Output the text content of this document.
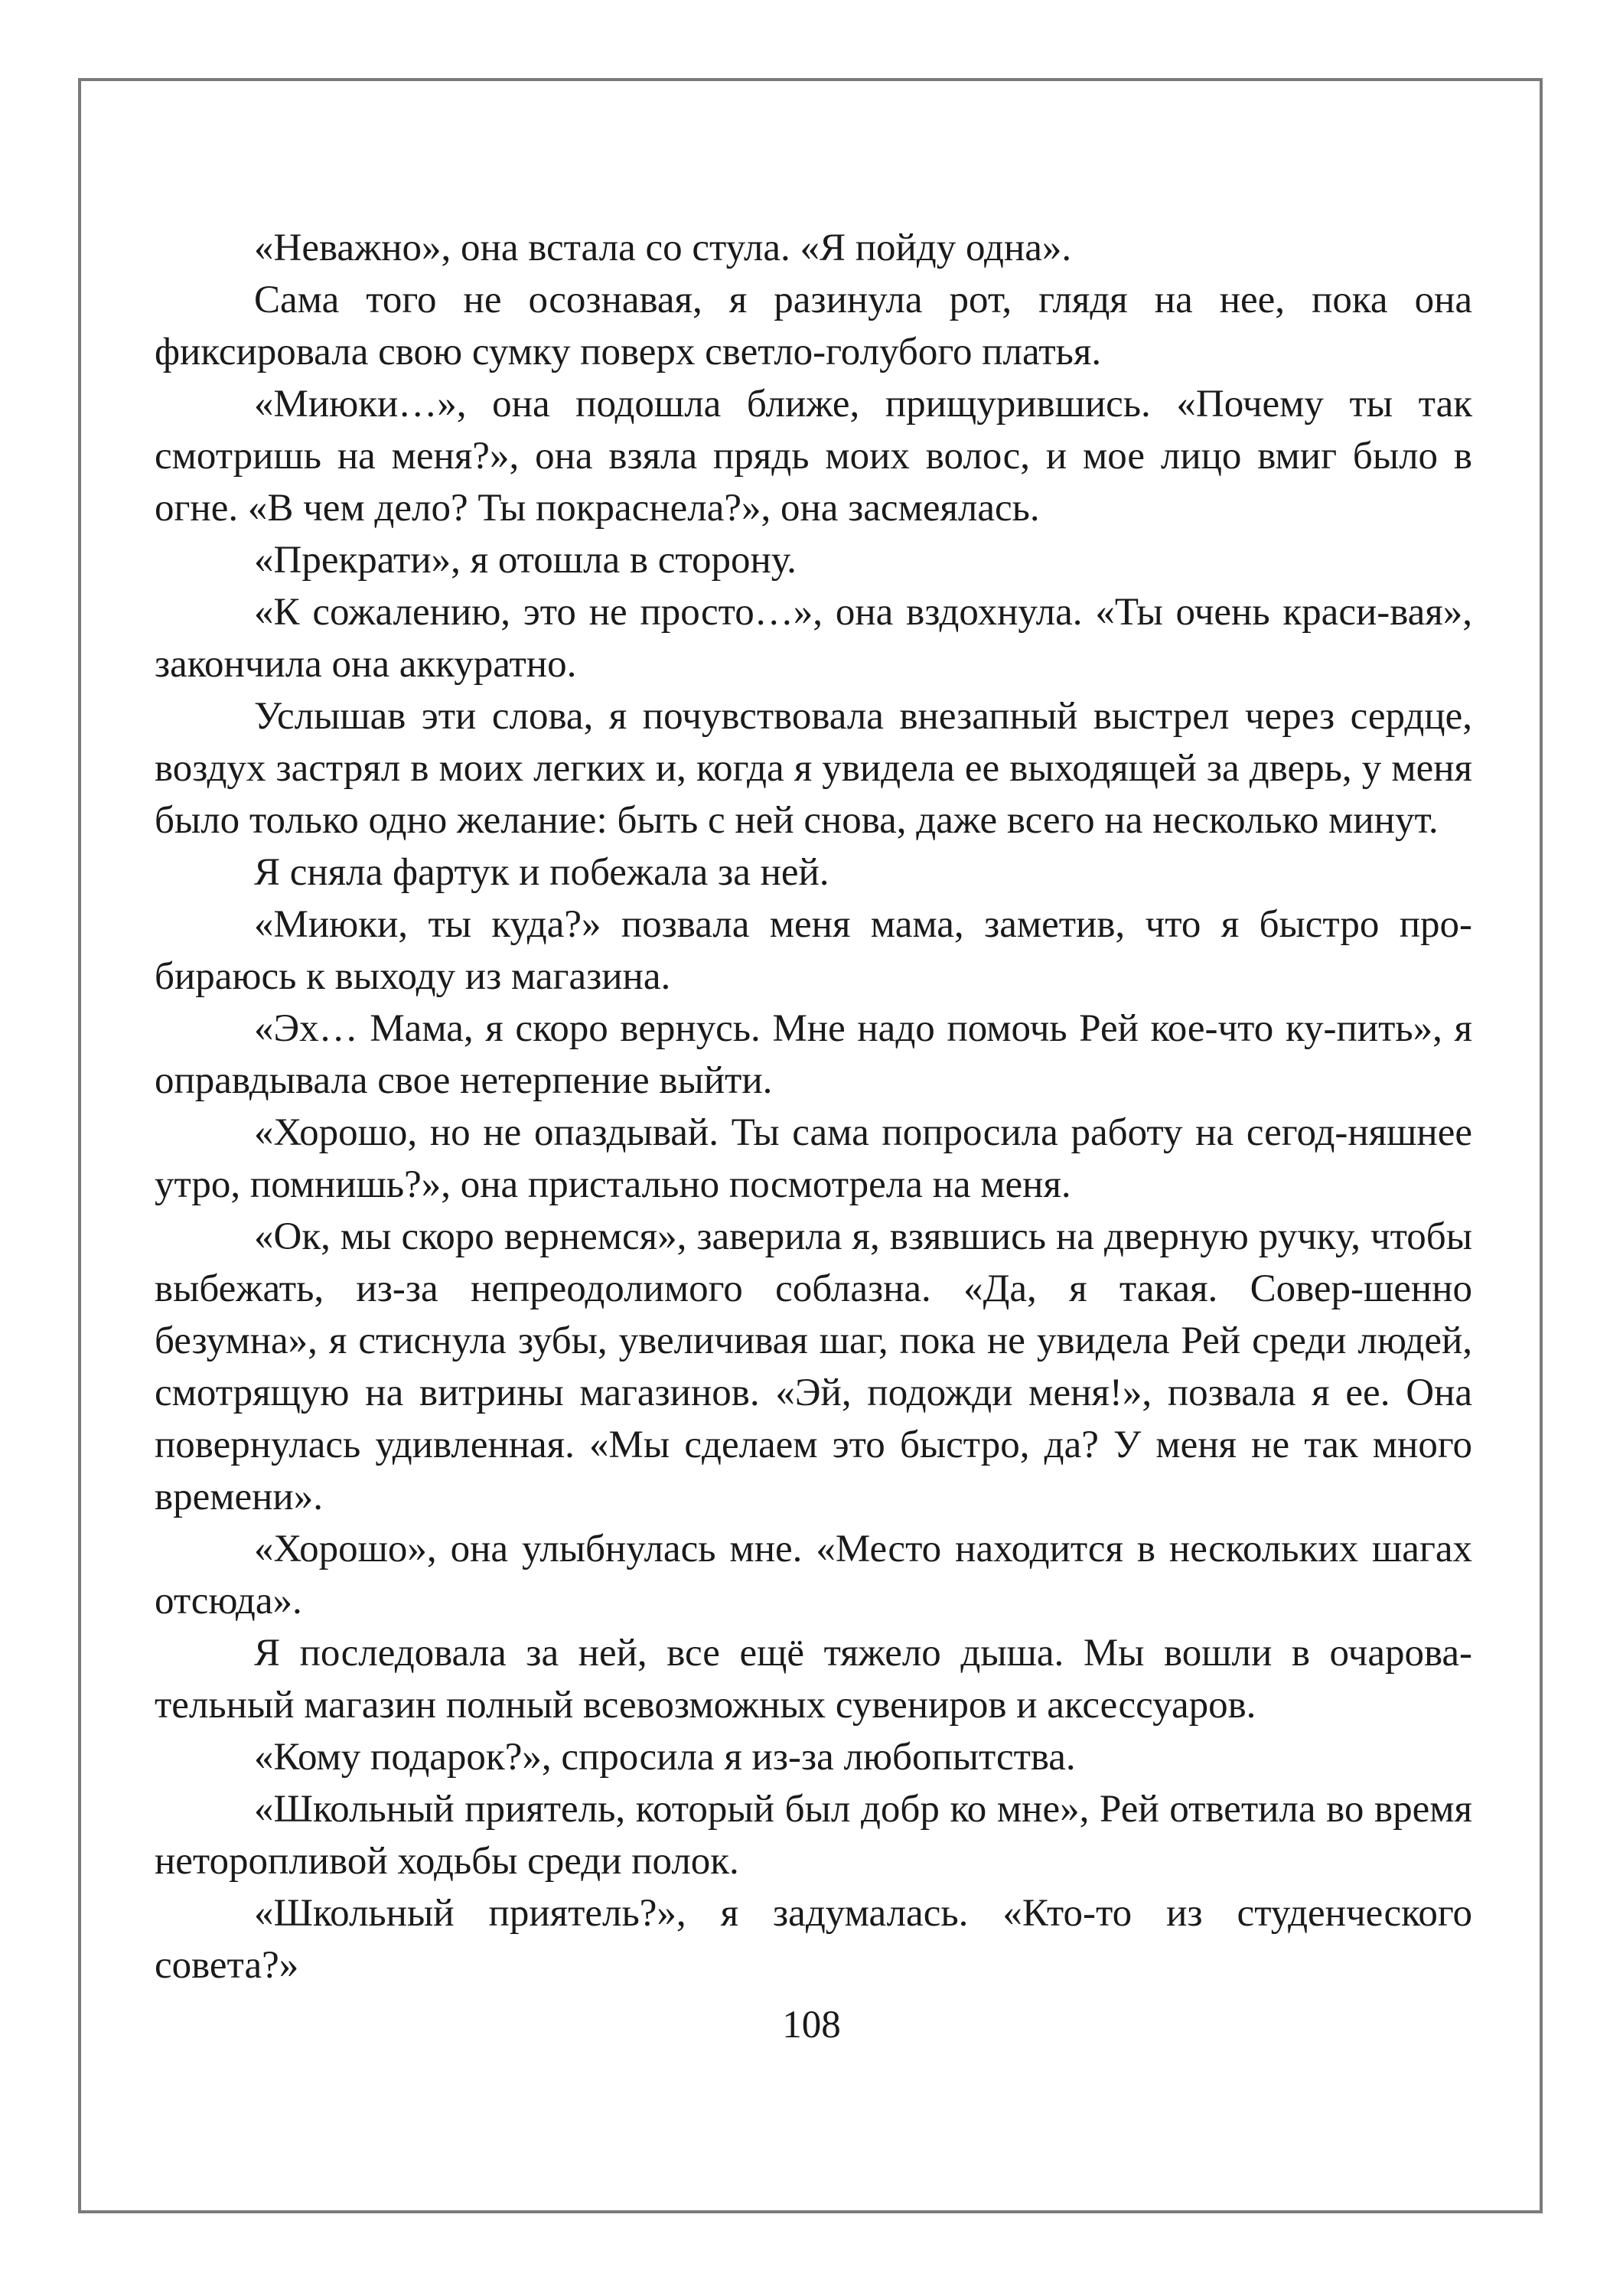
«Неважно», она встала со стула. «Я пойду одна».

Сама того не осознавая, я разинула рот, глядя на нее, пока она фиксировала свою сумку поверх светло-голубого платья.

«Миюки…», она подошла ближе, прищурившись. «Почему ты так смотришь на меня?», она взяла прядь моих волос, и мое лицо вмиг было в огне. «В чем дело? Ты покраснела?», она засмеялась.

«Прекрати», я отошла в сторону.

«К сожалению, это не просто…», она вздохнула. «Ты очень краси-вая», закончила она аккуратно.

Услышав эти слова, я почувствовала внезапный выстрел через сердце, воздух застрял в моих легких и, когда я увидела ее выходящей за дверь, у меня было только одно желание: быть с ней снова, даже всего на несколько минут.

Я сняла фартук и побежала за ней.

«Миюки, ты куда?» позвала меня мама, заметив, что я быстро про-бираюсь к выходу из магазина.

«Эх… Мама, я скоро вернусь. Мне надо помочь Рей кое-что ку-пить», я оправдывала свое нетерпение выйти.

«Хорошо, но не опаздывай. Ты сама попросила работу на сегод-няшнее утро, помнишь?», она пристально посмотрела на меня.

«Ок, мы скоро вернемся», заверила я, взявшись на дверную ручку, чтобы выбежать, из-за непреодолимого соблазна. «Да, я такая. Совер-шенно безумна», я стиснула зубы, увеличивая шаг, пока не увидела Рей среди людей, смотрящую на витрины магазинов. «Эй, подожди меня!», позвала я ее. Она повернулась удивленная. «Мы сделаем это быстро, да? У меня не так много времени».

«Хорошо», она улыбнулась мне. «Место находится в нескольких шагах отсюда».

Я последовала за ней, все ещё тяжело дыша. Мы вошли в очарова-тельный магазин полный всевозможных сувениров и аксессуаров.

«Кому подарок?», спросила я из-за любопытства.

«Школьный приятель, который был добр ко мне», Рей ответила во время неторопливой ходьбы среди полок.

«Школьный приятель?», я задумалась. «Кто-то из студенческого совета?»

108
